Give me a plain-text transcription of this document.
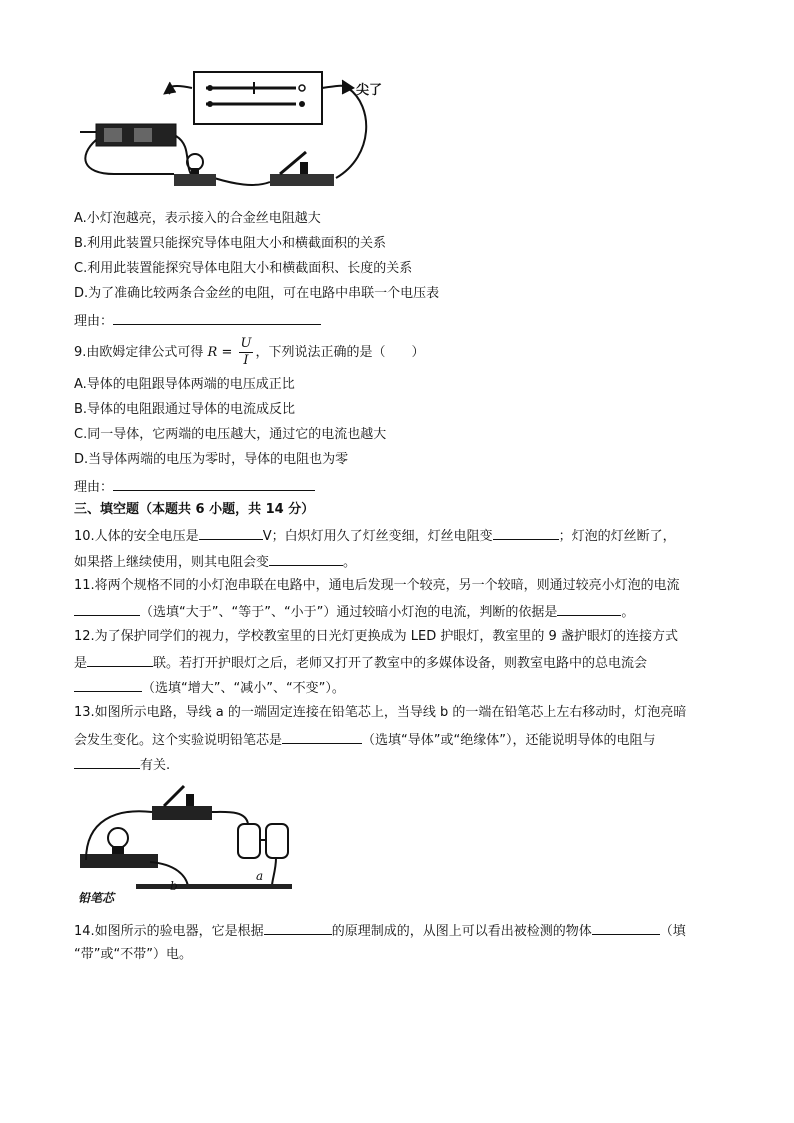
尖了
A.小灯泡越亮，表示接入的合金丝电阻越大
B.利用此装置只能探究导体电阻大小和横截面积的关系
C.利用此装置能探究导体电阻大小和横截面积、长度的关系
D.为了准确比较两条合金丝的电阻，可在电路中串联一个电压表
理由：
9.由欧姆定律公式可得 $R = \frac{U}{I}$ ，下列说法正确的是（　　）
A.导体的电阻跟导体两端的电压成正比
B.导体的电阻跟通过导体的电流成反比
C.同一导体，它两端的电压越大，通过它的电流也越大
D.当导体两端的电压为零时，导体的电阻也为零
理由：
三、填空题（本题共 6 小题，共 14 分）
10.人体的安全电压是	V；白炽灯用久了灯丝变细，灯丝电阻变	；灯泡的灯丝断了，
如果搭上继续使用，则其电阻会变	。
11.将两个规格不同的小灯泡串联在电路中，通电后发现一个较亮，另一个较暗，则通过较亮小灯泡的电流
（选填“大于”、“等于”、“小于”）通过较暗小灯泡的电流，判断的依据是	。
12.为了保护同学们的视力，学校教室里的日光灯更换成为 LED 护眼灯，教室里的 9 盏护眼灯的连接方式
是	联。若打开护眼灯之后，老师又打开了教室中的多媒体设备，则教室电路中的总电流会
（选填“增大”、“减小”、“不变”）。
13.如图所示电路，导线 a 的一端固定连接在铅笔芯上，当导线 b 的一端在铅笔芯上左右移动时，灯泡亮暗
会发生变化。这个实验说明铅笔芯是	（选填“导体”或“绝缘体”），还能说明导体的电阻与
有关.
铅笔芯
a
b
14.如图所示的验电器，它是根据	的原理制成的，从图上可以看出被检测的物体	（填
“带”或“不带”）电。
